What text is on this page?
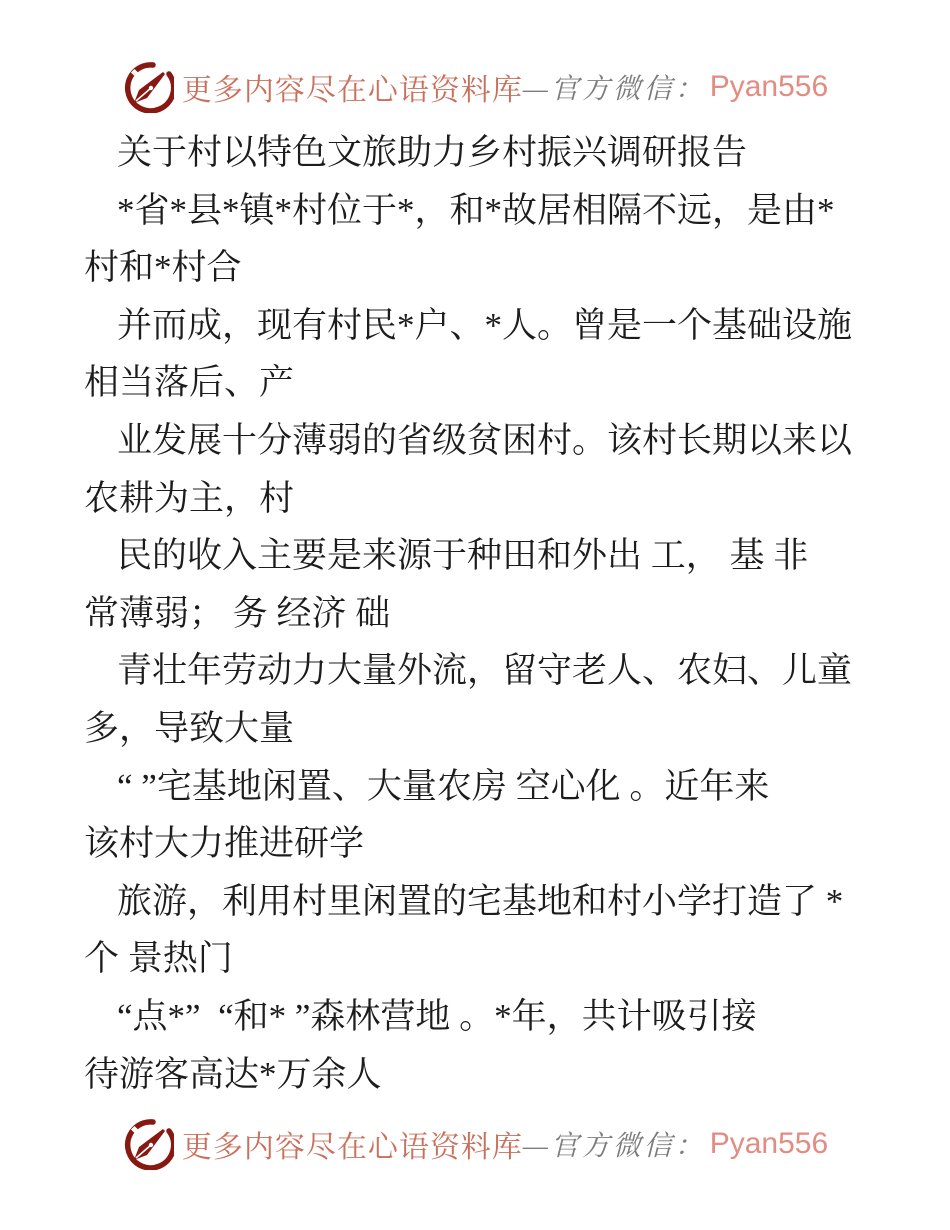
更多内容尽在心语资料库 —官方微信： Pyan556
关于村以特色文旅助力乡村振兴调研报告
*省*县*镇*村位于*，和*故居相隔不远，是由*
村和*村合
并而成，现有村民*户、*人。曾是一个基础设施
相当落后、产
业发展十分薄弱的省级贫困村。该村长期以来以
农耕为主，村
民的收入主要是来源于种田和外出 工， 基 非
常薄弱； 务 经济 础
青壮年劳动力大量外流，留守老人、农妇、儿童
多，导致大量
“ ”宅基地闲置、大量农房 空心化 。近年来
该村大力推进研学
旅游，利用村里闲置的宅基地和村小学打造了 *
个 景热门
“点*”  “和* ”森林营地 。*年，共计吸引接
待游客高达*万余人
更多内容尽在心语资料库 —官方微信： Pyan556
